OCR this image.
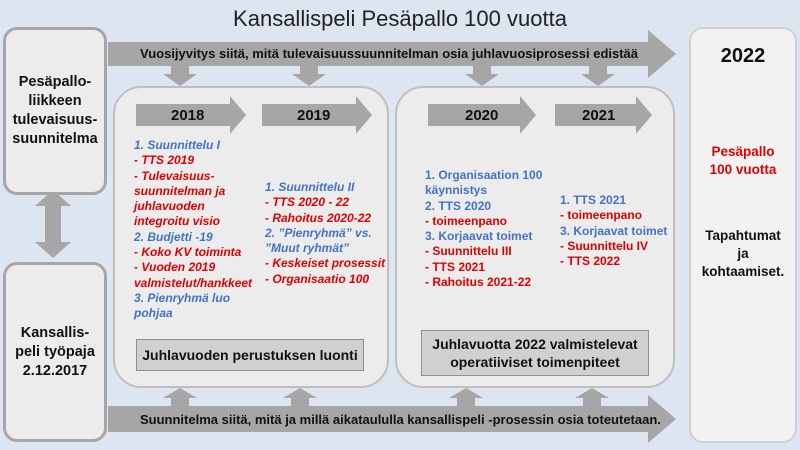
Kansallispeli Pesäpallo 100 vuotta
Pesäpallo-liikkeen tulevaisuus-suunnitelma
Kansallis-peli työpaja 2.12.2017
Vuosijyvitys siitä, mitä tulevaisuussuunnitelman osia juhlavuosiprosessi edistää
Suunnitelma siitä, mitä ja millä aikataululla kansallispeli -prosessin osia toteutetaan.
2018	2019	2020	2021
1. Suunnittelu I
- TTS 2019
- Tulevaisuus-suunnitelman ja juhlavuoden integroitu visio
2. Budjetti -19
- Koko KV toiminta
- Vuoden 2019 valmistelut/hankkeet
3. Pienryhmä luo pohjaa
1. Suunnittelu II
- TTS 2020 - 22
- Rahoitus 2020-22
2. ”Pienryhmä” vs. ”Muut ryhmät”
- Keskeiset prosessit
- Organisaatio 100
1. Organisaation 100 käynnistys
2. TTS 2020
- toimeenpano
3. Korjaavat toimet
- Suunnittelu III
- TTS 2021
- Rahoitus 2021-22
1. TTS 2021
- toimeenpano
3. Korjaavat toimet
- Suunnittelu IV
- TTS 2022
Juhlavuoden perustuksen luonti
Juhlavuotta 2022 valmistelevat operatiiviset toimenpiteet
2022
Pesäpallo 100 vuotta
Tapahtumat ja kohtaamiset.
